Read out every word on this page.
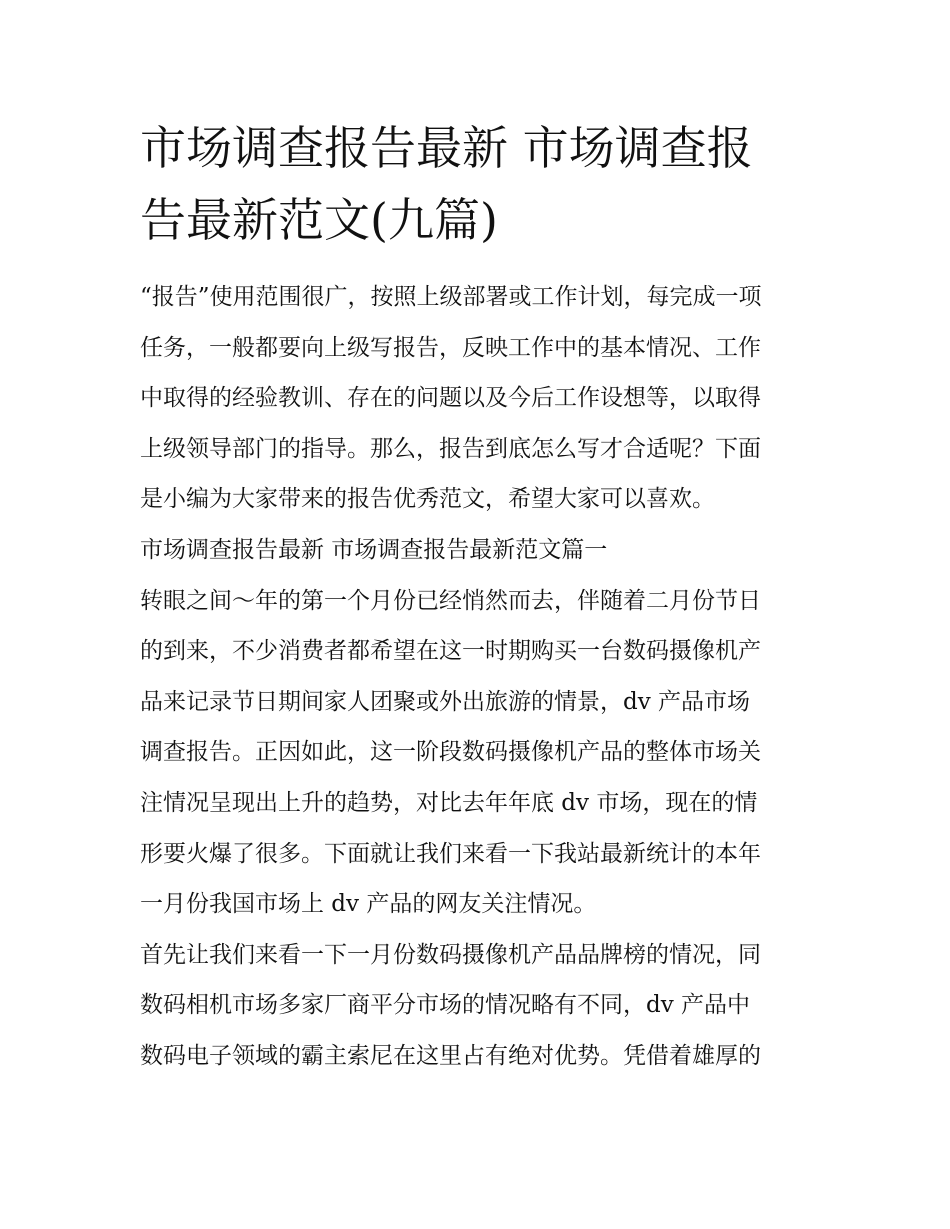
市场调查报告最新 市场调查报
告最新范文(九篇)

“报告”使用范围很广，按照上级部署或工作计划，每完成一项
任务，一般都要向上级写报告，反映工作中的基本情况、工作
中取得的经验教训、存在的问题以及今后工作设想等，以取得
上级领导部门的指导。那么，报告到底怎么写才合适呢？下面
是小编为大家带来的报告优秀范文，希望大家可以喜欢。

市场调查报告最新 市场调查报告最新范文篇一

转眼之间～年的第一个月份已经悄然而去，伴随着二月份节日
的到来，不少消费者都希望在这一时期购买一台数码摄像机产
品来记录节日期间家人团聚或外出旅游的情景，dv 产品市场
调查报告。正因如此，这一阶段数码摄像机产品的整体市场关
注情况呈现出上升的趋势，对比去年年底 dv 市场，现在的情
形要火爆了很多。下面就让我们来看一下我站最新统计的本年
一月份我国市场上 dv 产品的网友关注情况。

首先让我们来看一下一月份数码摄像机产品品牌榜的情况，同
数码相机市场多家厂商平分市场的情况略有不同，dv 产品中
数码电子领域的霸主索尼在这里占有绝对优势。凭借着雄厚的
